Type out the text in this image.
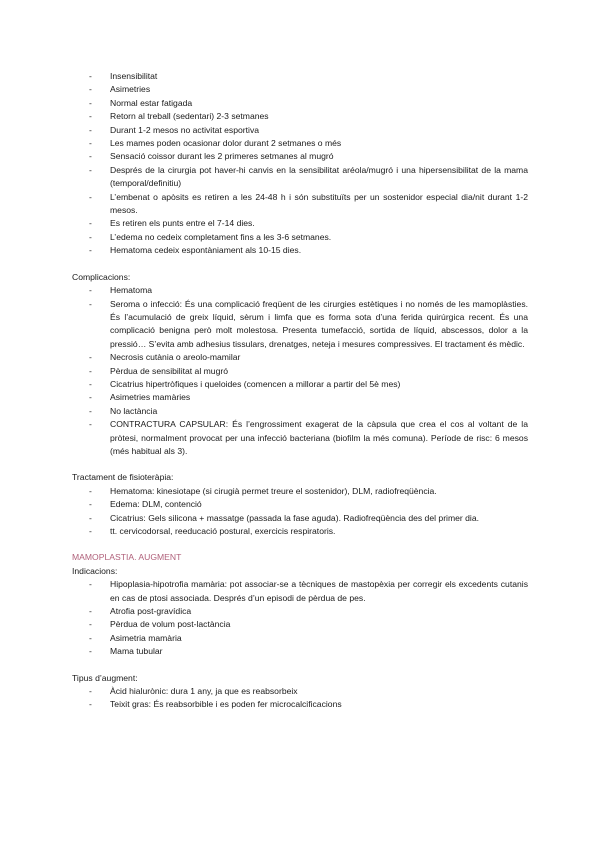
- Insensibilitat
- Asimetries
- Normal estar fatigada
- Retorn al treball (sedentari) 2-3 setmanes
- Durant 1-2 mesos no activitat esportiva
- Les mames poden ocasionar dolor durant 2 setmanes o més
- Sensació coissor durant les 2 primeres setmanes al mugró
- Després de la cirurgia pot haver-hi canvis en la sensibilitat aréola/mugró i una hipersensibilitat de la mama (temporal/definitiu)
- L’embenat o apòsits es retiren a les 24-48 h i són substituïts per un sostenidor especial dia/nit durant 1-2 mesos.
- Es retiren els punts entre el 7-14 dies.
- L’edema no cedeix completament fins a les 3-6 setmanes.
- Hematoma cedeix espontàniament als 10-15 dies.

Complicacions:

- Hematoma
- Seroma o infecció: És una complicació freqüent de les cirurgies estètiques i no només de les mamoplàsties. És l’acumulació de greix líquid, sèrum i limfa que es forma sota d’una ferida quirúrgica recent. És una complicació benigna però molt molestosa. Presenta tumefacció, sortida de líquid, abscessos, dolor a la pressió… S’evita amb adhesius tissulars, drenatges, neteja i mesures compressives. El tractament és mèdic.
- Necrosis cutània o areolo-mamilar
- Pèrdua de sensibilitat al mugró
- Cicatrius hipertròfiques i queloides (comencen a millorar a partir del 5è mes)
- Asimetries mamàries
- No lactància
- CONTRACTURA CAPSULAR: És l’engrossiment exagerat de la càpsula que crea el cos al voltant de la pròtesi, normalment provocat per una infecció bacteriana (biofilm la més comuna). Període de risc: 6 mesos (més habitual als 3).

Tractament de fisioteràpia:

- Hematoma: kinesiotape (si cirugià permet treure el sostenidor), DLM, radiofreqüència.
- Edema: DLM, contenció
- Cicatrius: Gels silicona + massatge (passada la fase aguda). Radiofreqüència des del primer dia.
- tt. cervicodorsal, reeducació postural, exercicis respiratoris.

MAMOPLASTIA. AUGMENT

Indicacions:

- Hipoplasia-hipotrofia mamària: pot associar-se a tècniques de mastopèxia per corregir els excedents cutanis en cas de ptosi associada. Després d’un episodi de pèrdua de pes.
- Atrofia post-gravídica
- Pèrdua de volum post-lactància
- Asimetria mamària
- Mama tubular

Tipus d’augment:

- Àcid hialurònic: dura 1 any, ja que es reabsorbeix
- Teixit gras: És reabsorbible i es poden fer microcalcificacions
